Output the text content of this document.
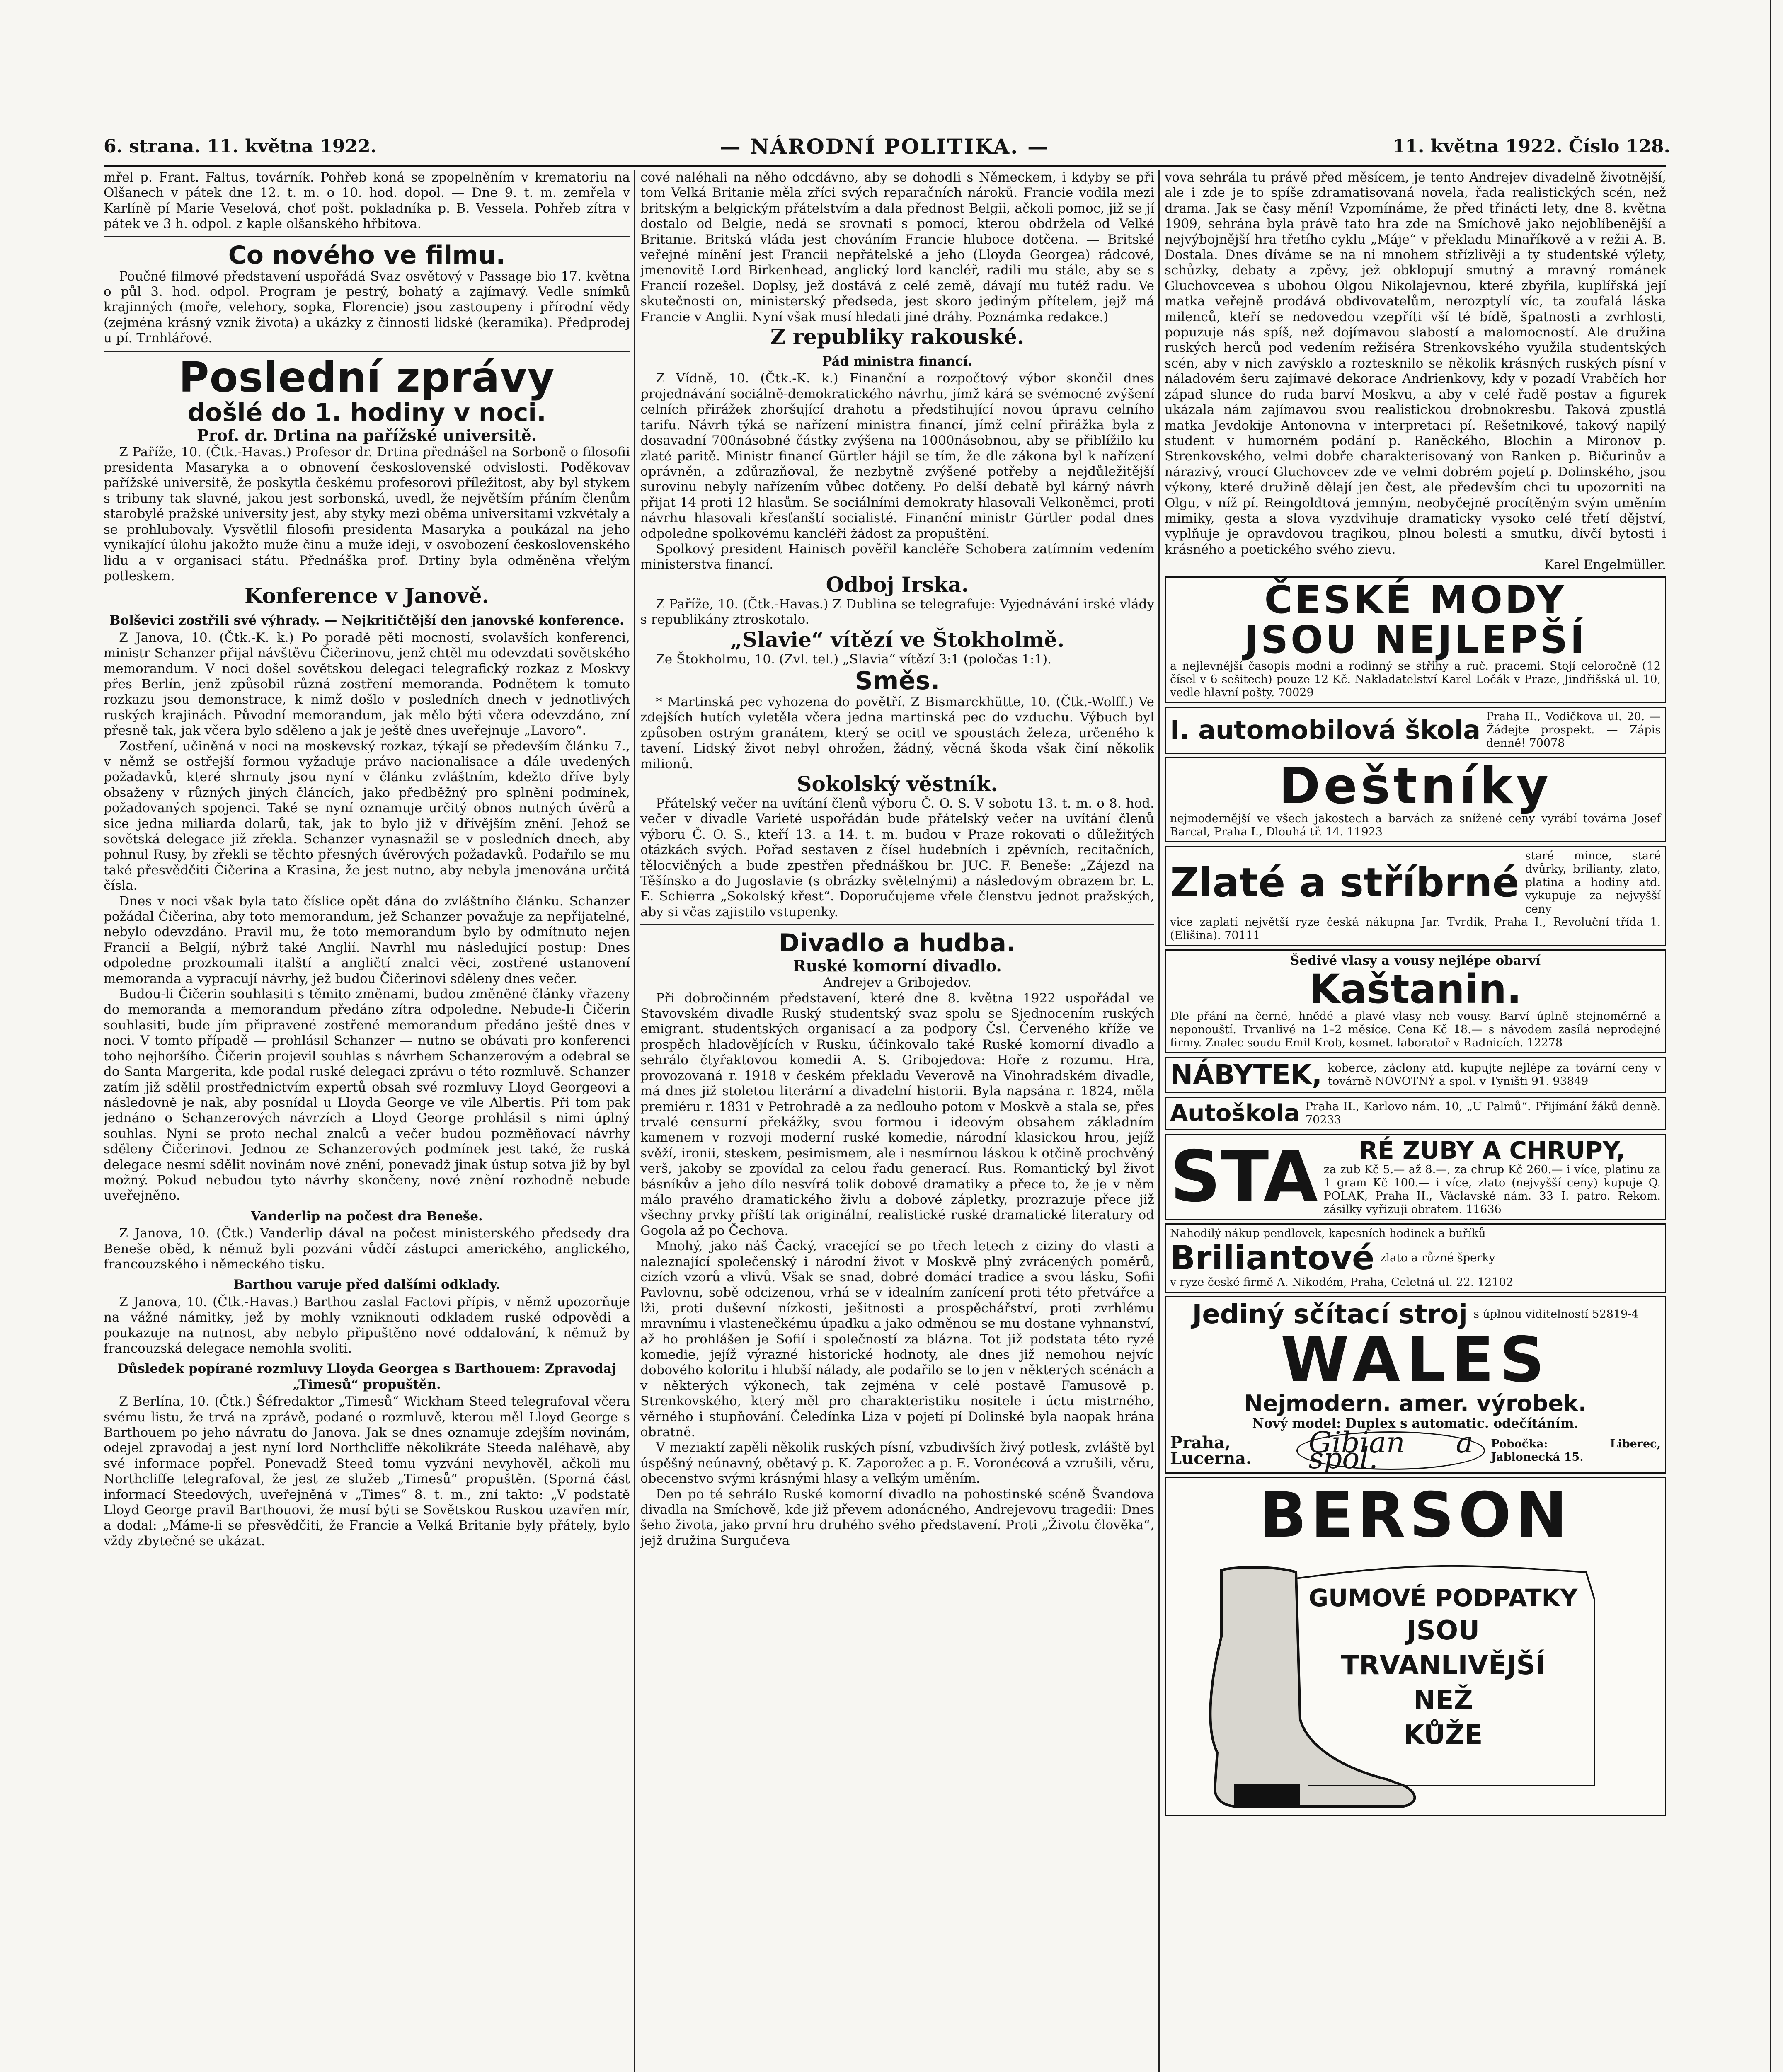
6. strana. 11. května 1922.	— NÁRODNÍ POLITIKA. —	11. května 1922. Číslo 128.

mřel p. Frant. Faltus, továrník. Pohřeb koná se zpopelněním v krematoriu na Olšanech v pátek dne 12. t. m. o 10. hod. dopol. — Dne 9. t. m. zemřela v Karlíně pí Marie Veselová, choť pošt. pokladníka p. B. Vessela. Pohřeb zítra v pátek ve 3 h. odpol. z kaple olšanského hřbitova.

Co nového ve filmu.

Poučné filmové představení uspořádá Svaz osvětový v Passage bio 17. května o půl 3. hod. odpol. Program je pestrý, bohatý a zajímavý. Vedle snímků krajinných (moře, velehory, sopka, Florencie) jsou zastoupeny i přírodní vědy (zejména krásný vznik života) a ukázky z činnosti lidské (keramika). Předprodej u pí. Trnhlářové.

Poslední zprávy
došlé do 1. hodiny v noci.
Prof. dr. Drtina na pařížské universitě.

Z Paříže, 10. (Čtk.-Havas.) Profesor dr. Drtina přednášel na Sorboně o filosofii presidenta Masaryka a o obnovení československé odvislosti. Poděkovav pařížské universitě, že poskytla českému profesorovi příležitost, aby byl stykem s tribuny tak slavné, jakou jest sorbonská, uvedl, že největším přáním členům starobylé pražské university jest, aby styky mezi oběma universitami vzkvétaly a se prohlubovaly. Vysvětlil filosofii presidenta Masaryka a poukázal na jeho vynikající úlohu jakožto muže činu a muže ideji, v osvobození československého lidu a v organisaci státu. Přednáška prof. Drtiny byla odměněna vřelým potleskem.

Konference v Janově.
Bolševici zostřili své výhrady. — Nejkritičtější den janovské konference.

Z Janova, 10. (Čtk.-K. k.) Po poradě pěti mocností, svolavších konferenci, ministr Schanzer přijal návštěvu Čičerinovu, jenž chtěl mu odevzdati sovětského memorandum. V noci došel sovětskou delegaci telegrafický rozkaz z Moskvy přes Berlín, jenž způsobil různá zostření memoranda. Podnětem k tomuto rozkazu jsou demonstrace, k nimž došlo v posledních dnech v jednotlivých ruských krajinách. Původní memorandum, jak mělo býti včera odevzdáno, zní přesně tak, jak včera bylo sděleno a jak je ještě dnes uveřejnuje „Lavoro“.

Zostření, učiněná v noci na moskevský rozkaz, týkají se především článku 7., v němž se ostřejší formou vyžaduje právo nacionalisace a dále uvedených požadavků, které shrnuty jsou nyní v článku zvláštním, kdežto dříve byly obsaženy v různých jiných článcích, jako předběžný pro splnění podmínek, požadovaných spojenci. Také se nyní oznamuje určitý obnos nutných úvěrů a sice jedna miliarda dolarů, tak, jak to bylo již v dřívějším znění. Jehož se sovětská delegace již zřekla. Schanzer vynasnažil se v posledních dnech, aby pohnul Rusy, by zřekli se těchto přesných úvěrových požadavků. Podařilo se mu také přesvědčiti Čičerina a Krasina, že jest nutno, aby nebyla jmenována určitá čísla.

Dnes v noci však byla tato číslice opět dána do zvláštního článku. Schanzer požádal Čičerina, aby toto memorandum, jež Schanzer považuje za nepřijatelné, nebylo odevzdáno. Pravil mu, že toto memorandum bylo by odmítnuto nejen Francií a Belgií, nýbrž také Anglií. Navrhl mu následující postup: Dnes odpoledne prozkoumali italští a angličtí znalci věci, zostřené ustanovení memoranda a vypracují návrhy, jež budou Čičerinovi sděleny dnes večer.

Budou-li Čičerin souhlasiti s těmito změnami, budou změněné články vřazeny do memoranda a memorandum předáno zítra odpoledne. Nebude-li Čičerin souhlasiti, bude jím připravené zostřené memorandum předáno ještě dnes v noci. V tomto případě — prohlásil Schanzer — nutno se obávati pro konferenci toho nejhoršího. Čičerin projevil souhlas s návrhem Schanzerovým a odebral se do Santa Margerita, kde podal ruské delegaci zprávu o této rozmluvě. Schanzer zatím již sdělil prostřednictvím expertů obsah své rozmluvy Lloyd Georgeovi a následovně je nak, aby posnídal u Lloyda George ve vile Albertis. Při tom pak jednáno o Schanzerových návrzích a Lloyd George prohlásil s nimi úplný souhlas. Nyní se proto nechal znalců a večer budou pozměňovací návrhy sděleny Čičerinovi. Jednou ze Schanzerových podmínek jest také, že ruská delegace nesmí sdělit novinám nové znění, ponevadž jinak ústup sotva již by byl možný. Pokud nebudou tyto návrhy skončeny, nové znění rozhodně nebude uveřejněno.

Vanderlip na počest dra Beneše.

Z Janova, 10. (Čtk.) Vanderlip dával na počest ministerského předsedy dra Beneše oběd, k němuž byli pozváni vůdčí zástupci amerického, anglického, francouzského i německého tisku.

Barthou varuje před dalšími odklady.

Z Janova, 10. (Čtk.-Havas.) Barthou zaslal Factovi přípis, v němž upozorňuje na vážné námitky, jež by mohly vzniknouti odkladem ruské odpovědi a poukazuje na nutnost, aby nebylo připuštěno nové oddalování, k němuž by francouzská delegace nemohla svoliti.

Důsledek popírané rozmluvy Lloyda Georgea s Barthouem: Zpravodaj „Timesů“ propuštěn.

Z Berlína, 10. (Čtk.) Šéfredaktor „Timesů“ Wickham Steed telegrafoval včera svému listu, že trvá na zprávě, podané o rozmluvě, kterou měl Lloyd George s Barthouem po jeho návratu do Janova. Jak se dnes oznamuje zdejším novinám, odejel zpravodaj a jest nyní lord Northcliffe několikráte Steeda naléhavě, aby své informace popřel. Ponevadž Steed tomu vyzváni nevyhověl, ačkoli mu Northcliffe telegrafoval, že jest ze služeb „Timesů“ propuštěn. (Sporná část informací Steedových, uveřejněná v „Times“ 8. t. m., zní takto: „V podstatě Lloyd George pravil Barthouovi, že musí býti se Sovětskou Ruskou uzavřen mír, a dodal: „Máme-li se přesvědčiti, že Francie a Velká Britanie byly přátely, bylo vždy zbytečné se ukázat.

cové naléhali na něho odcdávno, aby se dohodli s Německem, i kdyby se při tom Velká Britanie měla zříci svých reparačních nároků. Francie vodila mezi britským a belgickým přátelstvím a dala přednost Belgii, ačkoli pomoc, již se jí dostalo od Belgie, nedá se srovnati s pomocí, kterou obdržela od Velké Britanie. Britská vláda jest chováním Francie hluboce dotčena. — Britské veřejné mínění jest Francii nepřátelské a jeho (Lloyda Georgea) rádcové, jmenovitě Lord Birkenhead, anglický lord kancléř, radili mu stále, aby se s Francií rozešel. Doplsy, jež dostává z celé země, dávají mu tutéž radu. Ve skutečnosti on, ministerský předseda, jest skoro jediným přítelem, jejž má Francie v Anglii. Nyní však musí hledati jiné dráhy. Poznámka redakce.)

Z republiky rakouské.
Pád ministra financí.

Z Vídně, 10. (Čtk.-K. k.) Finanční a rozpočtový výbor skončil dnes projednávání sociálně-demokratického návrhu, jímž kárá se svémocné zvýšení celních přirážek zhoršující drahotu a předstihující novou úpravu celního tarifu. Návrh týká se nařízení ministra financí, jímž celní přirážka byla z dosavadní 700násobné částky zvýšena na 1000násobnou, aby se přiblížilo ku zlaté paritě. Ministr financí Gürtler hájil se tím, že dle zákona byl k nařízení oprávněn, a zdůrazňoval, že nezbytně zvýšené potřeby a nejdůležitější surovinu nebyly nařízením vůbec dotčeny. Po delší debatě byl kárný návrh přijat 14 proti 12 hlasům. Se sociálními demokraty hlasovali Velkoněmci, proti návrhu hlasovali křesťanští socialisté. Finanční ministr Gürtler podal dnes odpoledne spolkovému kancléři žádost za propuštění.

Spolkový president Hainisch pověřil kancléře Schobera zatímním vedením ministerstva financí.

Odboj Irska.

Z Paříže, 10. (Čtk.-Havas.) Z Dublina se telegrafuje: Vyjednávání irské vlády s republikány ztroskotalo.

„Slavie“ vítězí ve Štokholmě.

Ze Štokholmu, 10. (Zvl. tel.) „Slavia“ vítězí 3:1 (poločas 1:1).

Směs.

* Martinská pec vyhozena do povětří. Z Bismarckhütte, 10. (Čtk.-Wolff.) Ve zdejších hutích vyletěla včera jedna martinská pec do vzduchu. Výbuch byl způsoben ostrým granátem, který se ocitl ve spoustách železa, určeného k tavení. Lidský život nebyl ohrožen, žádný, věcná škoda však činí několik milionů.

Sokolský věstník.

Přátelský večer na uvítání členů výboru Č. O. S. V sobotu 13. t. m. o 8. hod. večer v divadle Varieté uspořádán bude přátelský večer na uvítání členů výboru Č. O. S., kteří 13. a 14. t. m. budou v Praze rokovati o důležitých otázkách svých. Pořad sestaven z čísel hudebních i zpěvních, recitačních, tělocvičných a bude zpestřen přednáškou br. JUC. F. Beneše: „Zájezd na Těšínsko a do Jugoslavie (s obrázky světelnými) a následovým obrazem br. L. E. Schierra „Sokolský křest“. Doporučujeme vřele členstvu jednot pražských, aby si včas zajistilo vstupenky.

Divadlo a hudba.
Ruské komorní divadlo.
Andrejev a Gribojedov.

Při dobročinném představení, které dne 8. května 1922 uspořádal ve Stavovském divadle Ruský studentský svaz spolu se Sjednocením ruských emigrant. studentských organisací a za podpory Čsl. Červeného kříže ve prospěch hladovějících v Rusku, účinkovalo také Ruské komorní divadlo a sehrálo čtyřaktovou komedii A. S. Gribojedova: Hoře z rozumu. Hra, provozovaná r. 1918 v českém překladu Veverově na Vinohradském divadle, má dnes již stoletou literární a divadelní historii. Byla napsána r. 1824, měla premiéru r. 1831 v Petrohradě a za nedlouho potom v Moskvě a stala se, přes trvalé censurní překážky, svou formou i ideovým obsahem základním kamenem v rozvoji moderní ruské komedie, národní klasickou hrou, jejíž svěží, ironii, steskem, pesimismem, ale i nesmírnou láskou k otčině prochvěný verš, jakoby se zpovídal za celou řadu generací. Rus. Romantický byl život básníkův a jeho dílo nesvírá tolik dobové dramatiky a přece to, že je v něm málo pravého dramatického živlu a dobové zápletky, prozrazuje přece již všechny prvky příští tak originální, realistické ruské dramatické literatury od Gogola až po Čechova.

Mnohý, jako náš Čacký, vracející se po třech letech z ciziny do vlasti a naleznající společenský i národní život v Moskvě plný zvrácených poměrů, cizích vzorů a vlivů. Však se snad, dobré domácí tradice a svou lásku, Sofii Pavlovnu, sobě odcizenou, vrhá se v idealním zanícení proti této přetvářce a lži, proti duševní nízkosti, ješitnosti a prospěchářství, proti zvrhlému mravnímu i vlastenečkému úpadku a jako odměnou se mu dostane vyhnanství, až ho prohlášen je Sofií i společností za blázna. Tot již podstata této ryzé komedie, jejíž výrazné historické hodnoty, ale dnes již nemohou nejvíc dobového koloritu i hlubší nálady, ale podařilo se to jen v některých scénách a v některých výkonech, tak zejména v celé postavě Famusově p. Strenkovského, který měl pro charakteristiku nositele i úctu mistrného, věrného i stupňování. Čeledínka Liza v pojetí pí Dolinské byla naopak hrána obratně.

V meziaktí zapěli několik ruských písní, vzbudivších živý potlesk, zvláště byl úspěšný neúnavný, obětavý p. K. Zaporožec a p. E. Voronécová a vzrušili, věru, obecenstvo svými krásnými hlasy a velkým uměním.

Den po té sehrálo Ruské komorní divadlo na pohostinské scéně Švandova divadla na Smíchově, kde již převem adonácného, Andrejevovu tragedii: Dnes šeho života, jako první hru druhého svého představení. Proti „Životu člověka“, jejž družina Surgučeva

vova sehrála tu právě před měsícem, je tento Andrejev divadelně životnější, ale i zde je to spíše zdramatisovaná novela, řada realistických scén, než drama. Jak se časy mění! Vzpomínáme, že před třinácti lety, dne 8. května 1909, sehrána byla právě tato hra zde na Smíchově jako nejoblíbenější a nejvýbojnější hra třetího cyklu „Máje“ v překladu Minaříkově a v režii A. B. Dostala. Dnes díváme se na ni mnohem střízlivěji a ty studentské výlety, schůzky, debaty a zpěvy, jež obklopují smutný a mravný románek Gluchovcevea s ubohou Olgou Nikolajevnou, které zbyřila, kuplířská její matka veřejně prodává obdivovatelům, nerozptylí víc, ta zoufalá láska milenců, kteří se nedovedou vzepříti vší té bídě, špatnosti a zvrhlosti, popuzuje nás spíš, než dojímavou slabostí a malomocností. Ale družina ruských herců pod vedením režiséra Strenkovského využila studentských scén, aby v nich zavýsklo a roztesknilo se několik krásných ruských písní v náladovém šeru zajímavé dekorace Andrienkovy, kdy v pozadí Vrabčích hor západ slunce do ruda barví Moskvu, a aby v celé řadě postav a figurek ukázala nám zajímavou svou realistickou drobnokresbu. Taková zpustlá matka Jevdokije Antonovna v interpretaci pí. Rešetnikové, takový napilý student v humorném podání p. Raněckého, Blochin a Mironov p. Strenkovského, velmi dobře charakterisovaný von Ranken p. Bičurinův a nárazivý, vroucí Gluchovcev zde ve velmi dobrém pojetí p. Dolinského, jsou výkony, které družině dělají jen čest, ale především chci tu upozorniti na Olgu, v níž pí. Reingoldtová jemným, neobyčejně procítěným svým uměním mimiky, gesta a slova vyzdvihuje dramaticky vysoko celé třetí dějství, vyplňuje je opravdovou tragikou, plnou bolesti a smutku, dívčí bytosti i krásného a poetického svého zievu.

Karel Engelmüller.
ČESKÉ MODY
JSOU NEJLEPŠÍ
a nejlevnější časopis modní a rodinný se střihy a ruč. pracemi. Stojí celoročně (12 čísel v 6 sešitech) pouze 12 Kč. Nakladatelství Karel Ločák v Praze, Jindřišská ul. 10, vedle hlavní pošty. 70029
I. automobilová škola Praha II., Vodičkova ul. 20. — Žádejte prospekt. — Zápis denně! 70078
Deštníky
nejmodernější ve všech jakostech a barvách za snížené ceny vyrábí továrna Josef Barcal, Praha I., Dlouhá tř. 14. 11923
Zlaté a stříbrné
staré mince, staré dvůrky, brilianty, zlato, platina a hodiny atd. vykupuje za nejvyšší ceny
vice zaplatí největší ryze česká nákupna Jar. Tvrdík, Praha I., Revoluční třída 1. (Elišina). 70111
Šedivé vlasy a vousy nejlépe obarví
Kaštanin.
Dle přání na černé, hnědé a plavé vlasy neb vousy. Barví úplně stejnoměrně a neponouští. Trvanlivé na 1–2 měsíce. Cena Kč 18.— s návodem zasílá neprodejné firmy. Znalec soudu Emil Krob, kosmet. laboratoř v Radnicích. 12278
NÁBYTEK, koberce, záclony atd. kupujte nejlépe za tovární ceny v továrně NOVOTNÝ a spol. v Tyništi 91. 93849
Autoškola Praha II., Karlovo nám. 10, „U Palmů“. Přijímání žáků denně. 70233
STA	RÉ ZUBY A CHRUPY,
za zub Kč 5.— až 8.—, za chrup Kč 260.— i více, platinu za 1 gram Kč 100.— i více, zlato (nejvyšší ceny) kupuje Q. POLAK, Praha II., Václavské nám. 33 I. patro. Rekom. zásilky vyřizuji obratem. 11636
Nahodilý nákup pendlovek, kapesních hodinek a buříků
Briliantové zlato a různé šperky
v ryze české firmě A. Nikodém, Praha, Celetná ul. 22. 12102
Jediný sčítací stroj s úplnou viditelností 52819-4
WALES
Nejmodern. amer. výrobek.
Nový model: Duplex s automatic. odečítáním.
Praha, Lucerna.	Gibian a spol.	Pobočka: Liberec, Jablonecká 15.
BERSON
GUMOVÉ PODPATKY
JSOU
TRVANLIVĚJŠÍ
NEŽ
KŮŽE
